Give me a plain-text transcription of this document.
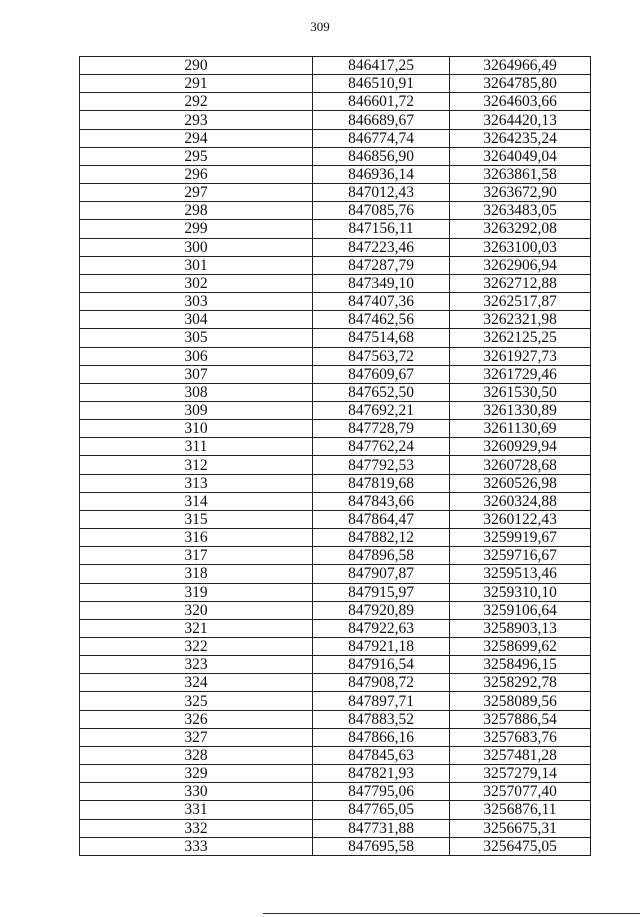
309
290	846417,25	3264966,49
291	846510,91	3264785,80
292	846601,72	3264603,66
293	846689,67	3264420,13
294	846774,74	3264235,24
295	846856,90	3264049,04
296	846936,14	3263861,58
297	847012,43	3263672,90
298	847085,76	3263483,05
299	847156,11	3263292,08
300	847223,46	3263100,03
301	847287,79	3262906,94
302	847349,10	3262712,88
303	847407,36	3262517,87
304	847462,56	3262321,98
305	847514,68	3262125,25
306	847563,72	3261927,73
307	847609,67	3261729,46
308	847652,50	3261530,50
309	847692,21	3261330,89
310	847728,79	3261130,69
311	847762,24	3260929,94
312	847792,53	3260728,68
313	847819,68	3260526,98
314	847843,66	3260324,88
315	847864,47	3260122,43
316	847882,12	3259919,67
317	847896,58	3259716,67
318	847907,87	3259513,46
319	847915,97	3259310,10
320	847920,89	3259106,64
321	847922,63	3258903,13
322	847921,18	3258699,62
323	847916,54	3258496,15
324	847908,72	3258292,78
325	847897,71	3258089,56
326	847883,52	3257886,54
327	847866,16	3257683,76
328	847845,63	3257481,28
329	847821,93	3257279,14
330	847795,06	3257077,40
331	847765,05	3256876,11
332	847731,88	3256675,31
333	847695,58	3256475,05
